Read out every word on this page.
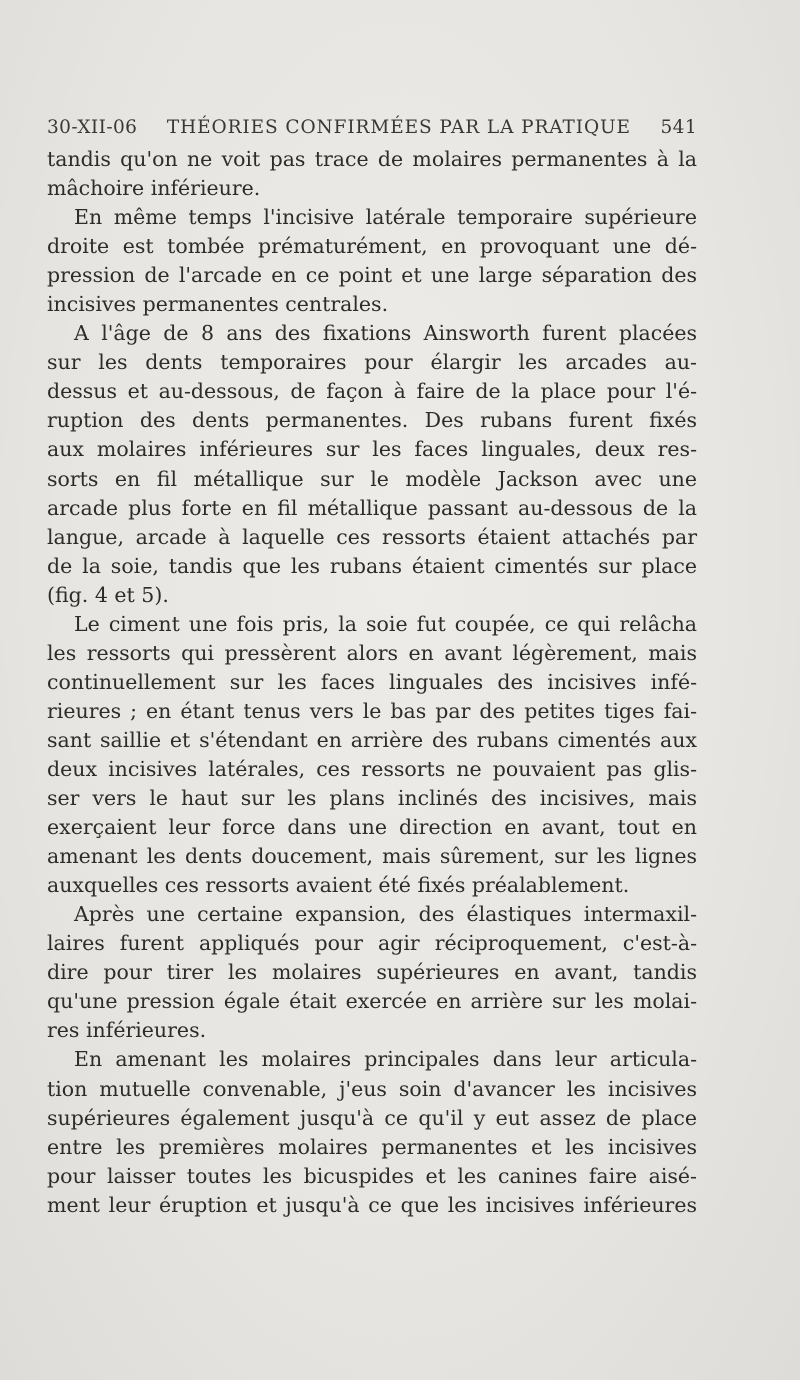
30-XII-06 THÉORIES CONFIRMÉES PAR LA PRATIQUE 541
tandis qu'on ne voit pas trace de molaires permanentes à la
mâchoire inférieure.
En même temps l'incisive latérale temporaire supérieure
droite est tombée prématurément, en provoquant une dé-
pression de l'arcade en ce point et une large séparation des
incisives permanentes centrales.
A l'âge de 8 ans des fixations Ainsworth furent placées
sur les dents temporaires pour élargir les arcades au-
dessus et au-dessous, de façon à faire de la place pour l'é-
ruption des dents permanentes. Des rubans furent fixés
aux molaires inférieures sur les faces linguales, deux res-
sorts en fil métallique sur le modèle Jackson avec une
arcade plus forte en fil métallique passant au-dessous de la
langue, arcade à laquelle ces ressorts étaient attachés par
de la soie, tandis que les rubans étaient cimentés sur place
(fig. 4 et 5).
Le ciment une fois pris, la soie fut coupée, ce qui relâcha
les ressorts qui pressèrent alors en avant légèrement, mais
continuellement sur les faces linguales des incisives infé-
rieures ; en étant tenus vers le bas par des petites tiges fai-
sant saillie et s'étendant en arrière des rubans cimentés aux
deux incisives latérales, ces ressorts ne pouvaient pas glis-
ser vers le haut sur les plans inclinés des incisives, mais
exerçaient leur force dans une direction en avant, tout en
amenant les dents doucement, mais sûrement, sur les lignes
auxquelles ces ressorts avaient été fixés préalablement.
Après une certaine expansion, des élastiques intermaxil-
laires furent appliqués pour agir réciproquement, c'est-à-
dire pour tirer les molaires supérieures en avant, tandis
qu'une pression égale était exercée en arrière sur les molai-
res inférieures.
En amenant les molaires principales dans leur articula-
tion mutuelle convenable, j'eus soin d'avancer les incisives
supérieures également jusqu'à ce qu'il y eut assez de place
entre les premières molaires permanentes et les incisives
pour laisser toutes les bicuspides et les canines faire aisé-
ment leur éruption et jusqu'à ce que les incisives inférieures
